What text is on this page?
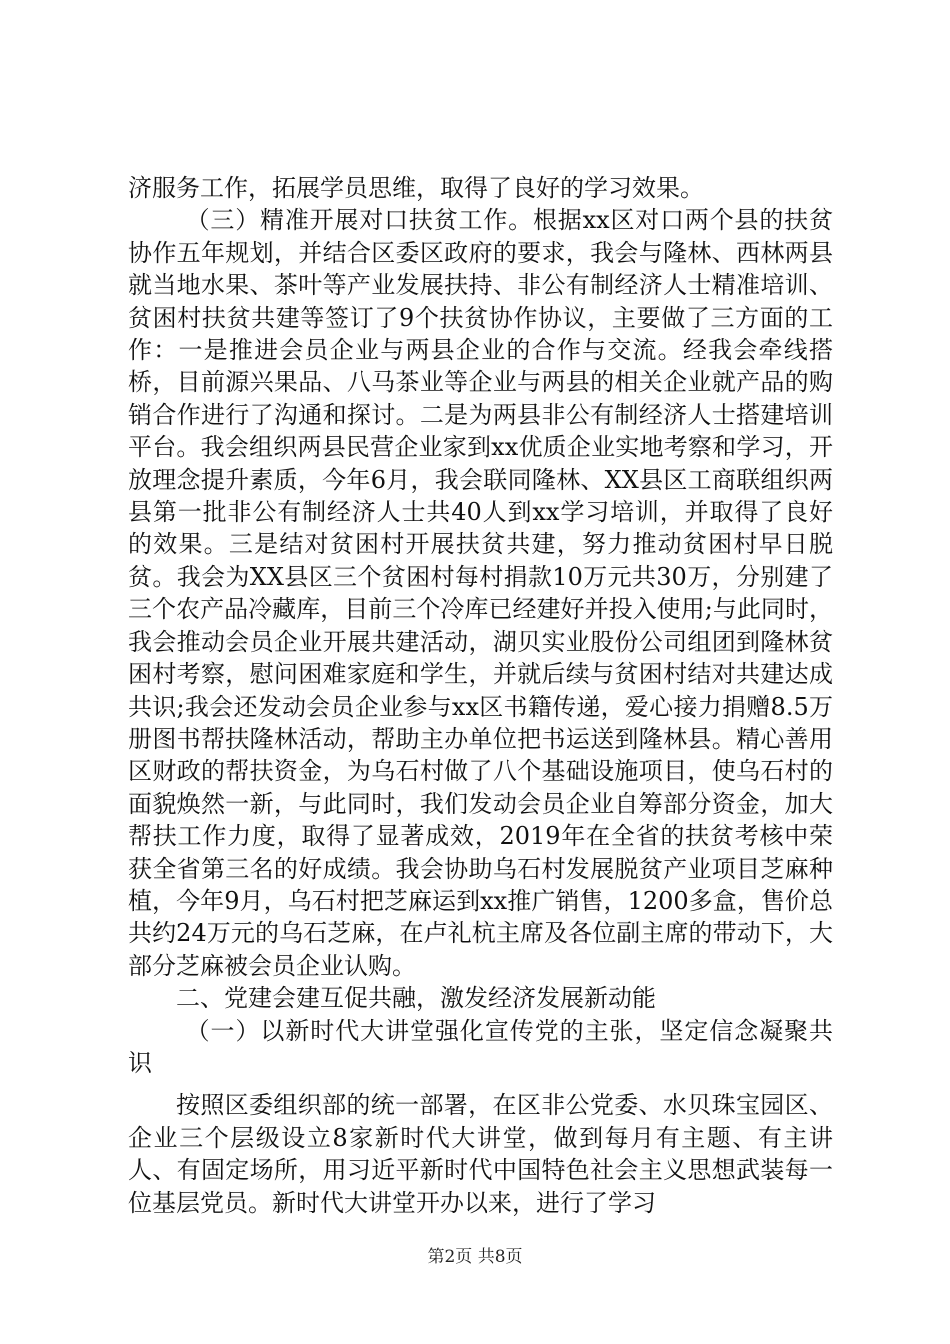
济服务工作，拓展学员思维，取得了良好的学习效果。

（三）精准开展对口扶贫工作。根据xx区对口两个县的扶贫协作五年规划，并结合区委区政府的要求，我会与隆林、西林两县就当地水果、茶叶等产业发展扶持、非公有制经济人士精准培训、贫困村扶贫共建等签订了9个扶贫协作协议，主要做了三方面的工作：一是推进会员企业与两县企业的合作与交流。经我会牵线搭桥，目前源兴果品、八马茶业等企业与两县的相关企业就产品的购销合作进行了沟通和探讨。二是为两县非公有制经济人士搭建培训平台。我会组织两县民营企业家到xx优质企业实地考察和学习，开放理念提升素质，今年6月，我会联同隆林、XX县区工商联组织两县第一批非公有制经济人士共40人到xx学习培训，并取得了良好的效果。三是结对贫困村开展扶贫共建，努力推动贫困村早日脱贫。我会为XX县区三个贫困村每村捐款10万元共30万，分别建了三个农产品冷藏库，目前三个冷库已经建好并投入使用;与此同时，我会推动会员企业开展共建活动，湖贝实业股份公司组团到隆林贫困村考察，慰问困难家庭和学生，并就后续与贫困村结对共建达成共识;我会还发动会员企业参与xx区书籍传递，爱心接力捐赠8.5万册图书帮扶隆林活动，帮助主办单位把书运送到隆林县。精心善用区财政的帮扶资金，为乌石村做了八个基础设施项目，使乌石村的面貌焕然一新，与此同时，我们发动会员企业自筹部分资金，加大帮扶工作力度，取得了显著成效，2019年在全省的扶贫考核中荣获全省第三名的好成绩。我会协助乌石村发展脱贫产业项目芝麻种植，今年9月，乌石村把芝麻运到xx推广销售，1200多盒，售价总共约24万元的乌石芝麻，在卢礼杭主席及各位副主席的带动下，大部分芝麻被会员企业认购。

二、党建会建互促共融，激发经济发展新动能

（一）以新时代大讲堂强化宣传党的主张，坚定信念凝聚共识

按照区委组织部的统一部署，在区非公党委、水贝珠宝园区、企业三个层级设立8家新时代大讲堂，做到每月有主题、有主讲人、有固定场所，用习近平新时代中国特色社会主义思想武装每一位基层党员。新时代大讲堂开办以来，进行了学习

第2页 共8页
